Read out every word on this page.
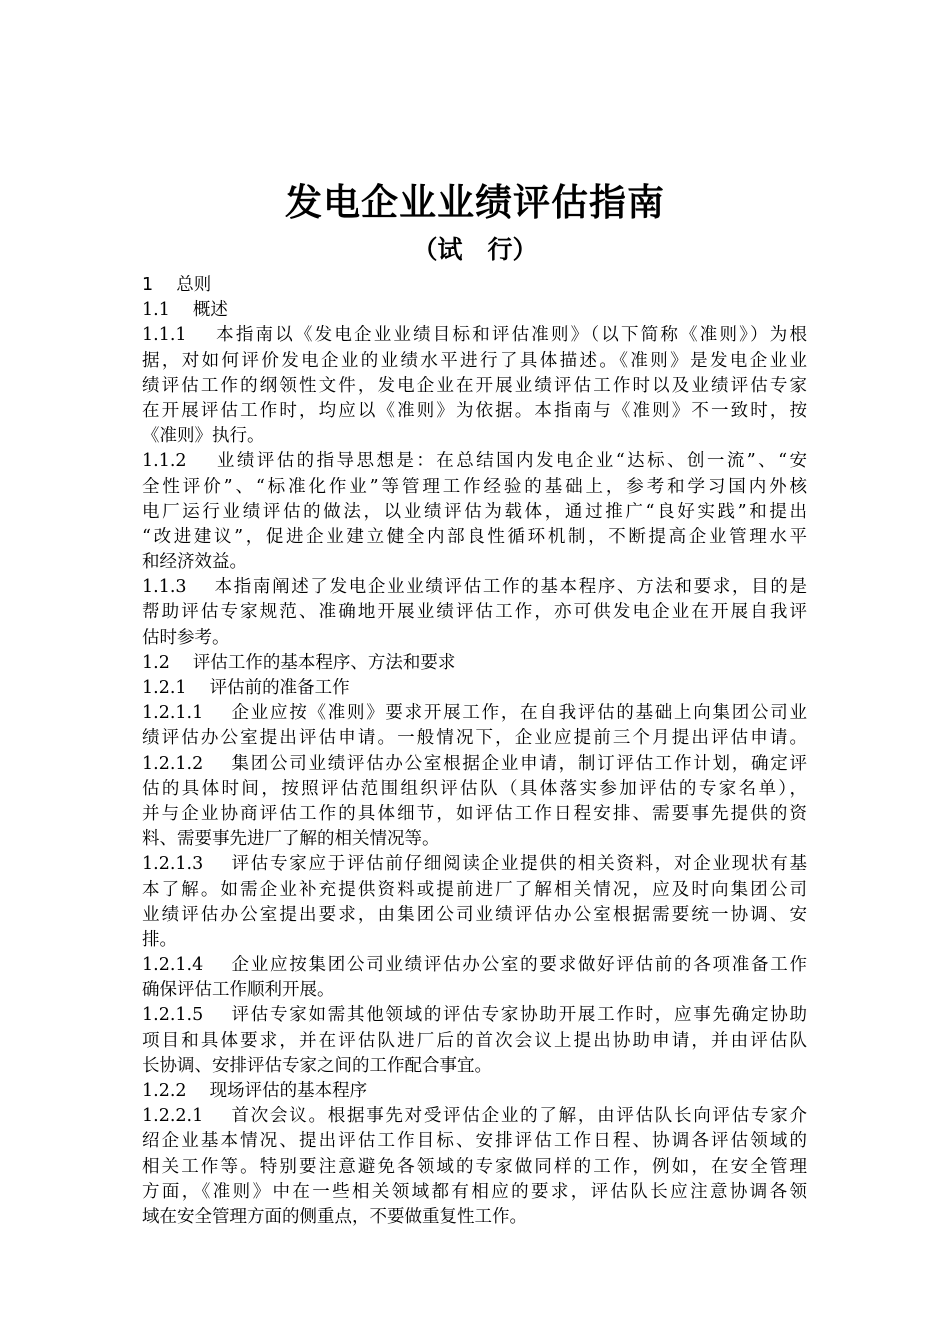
发电企业业绩评估指南
（试　行）
1　 总则
1.1　 概述
1.1.1　 本指南以《发电企业业绩目标和评估准则》（以下简称《准则》）为根
据，对如何评价发电企业的业绩水平进行了具体描述。《准则》是发电企业业
绩评估工作的纲领性文件，发电企业在开展业绩评估工作时以及业绩评估专家
在开展评估工作时，均应以《准则》为依据。本指南与《准则》不一致时，按
《准则》执行。
1.1.2　 业绩评估的指导思想是：在总结国内发电企业“达标、创一流”、“安
全性评价”、“标准化作业”等管理工作经验的基础上，参考和学习国内外核
电厂运行业绩评估的做法，以业绩评估为载体，通过推广“良好实践”和提出
“改进建议”，促进企业建立健全内部良性循环机制，不断提高企业管理水平
和经济效益。
1.1.3　 本指南阐述了发电企业业绩评估工作的基本程序、方法和要求，目的是
帮助评估专家规范、准确地开展业绩评估工作，亦可供发电企业在开展自我评
估时参考。
1.2　 评估工作的基本程序、方法和要求
1.2.1　 评估前的准备工作
1.2.1.1　 企业应按《准则》要求开展工作，在自我评估的基础上向集团公司业
绩评估办公室提出评估申请。一般情况下，企业应提前三个月提出评估申请。
1.2.1.2　 集团公司业绩评估办公室根据企业申请，制订评估工作计划，确定评
估的具体时间，按照评估范围组织评估队（具体落实参加评估的专家名单），
并与企业协商评估工作的具体细节，如评估工作日程安排、需要事先提供的资
料、需要事先进厂了解的相关情况等。
1.2.1.3　 评估专家应于评估前仔细阅读企业提供的相关资料，对企业现状有基
本了解。如需企业补充提供资料或提前进厂了解相关情况，应及时向集团公司
业绩评估办公室提出要求，由集团公司业绩评估办公室根据需要统一协调、安
排。
1.2.1.4　 企业应按集团公司业绩评估办公室的要求做好评估前的各项准备工作
确保评估工作顺利开展。
1.2.1.5　 评估专家如需其他领域的评估专家协助开展工作时，应事先确定协助
项目和具体要求，并在评估队进厂后的首次会议上提出协助申请，并由评估队
长协调、安排评估专家之间的工作配合事宜。
1.2.2　 现场评估的基本程序
1.2.2.1　 首次会议。根据事先对受评估企业的了解，由评估队长向评估专家介
绍企业基本情况、提出评估工作目标、安排评估工作日程、协调各评估领域的
相关工作等。特别要注意避免各领域的专家做同样的工作，例如，在安全管理
方面，《准则》中在一些相关领域都有相应的要求，评估队长应注意协调各领
域在安全管理方面的侧重点，不要做重复性工作。
